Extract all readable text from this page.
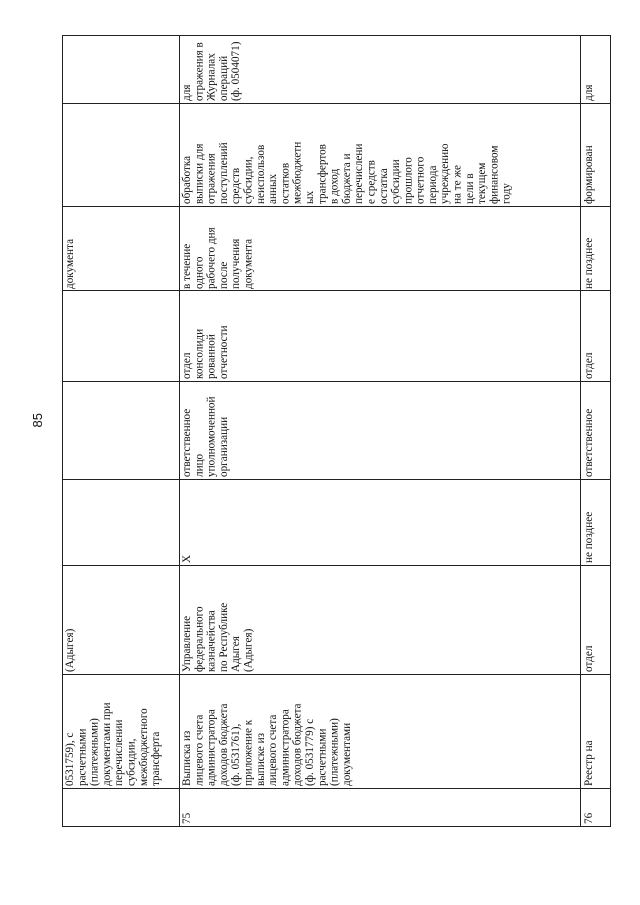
85
0531759), с
расчетными
(платежными)
документами при
перечислении
субсидии,
межбюджетного
трансферта
(Адыгея)
документа
75
Выписка из
лицевого счета
администратора
доходов бюджета
(ф. 0531761),
приложение к
выписке из
лицевого счета
администратора
доходов бюджета
(ф. 0531779) с
расчетными
(платежными)
документами
Управление
федерального
казначейства
по Республике
Адыгея
(Адыгея)
Х
ответственное
лицо
уполномоченной
организации
отдел
консолиди
рованной
отчетности
в течение
одного
рабочего дня
после
получения
документа
обработка
выписки для
отражения
поступлений
средств
субсидии,
неиспользов
анных
остатков
межбюджетн
ых
трансфертов
в доход
бюджета и
перечислени
е средств
остатка
субсидии
прошлого
отчетного
периода
учреждению
на те же
цели в
текущем
финансовом
году
для
отражения в
Журналах
операций
(ф. 0504071)
76
Реестр на
отдел
не позднее
ответственное
отдел
не позднее
формирован
для
